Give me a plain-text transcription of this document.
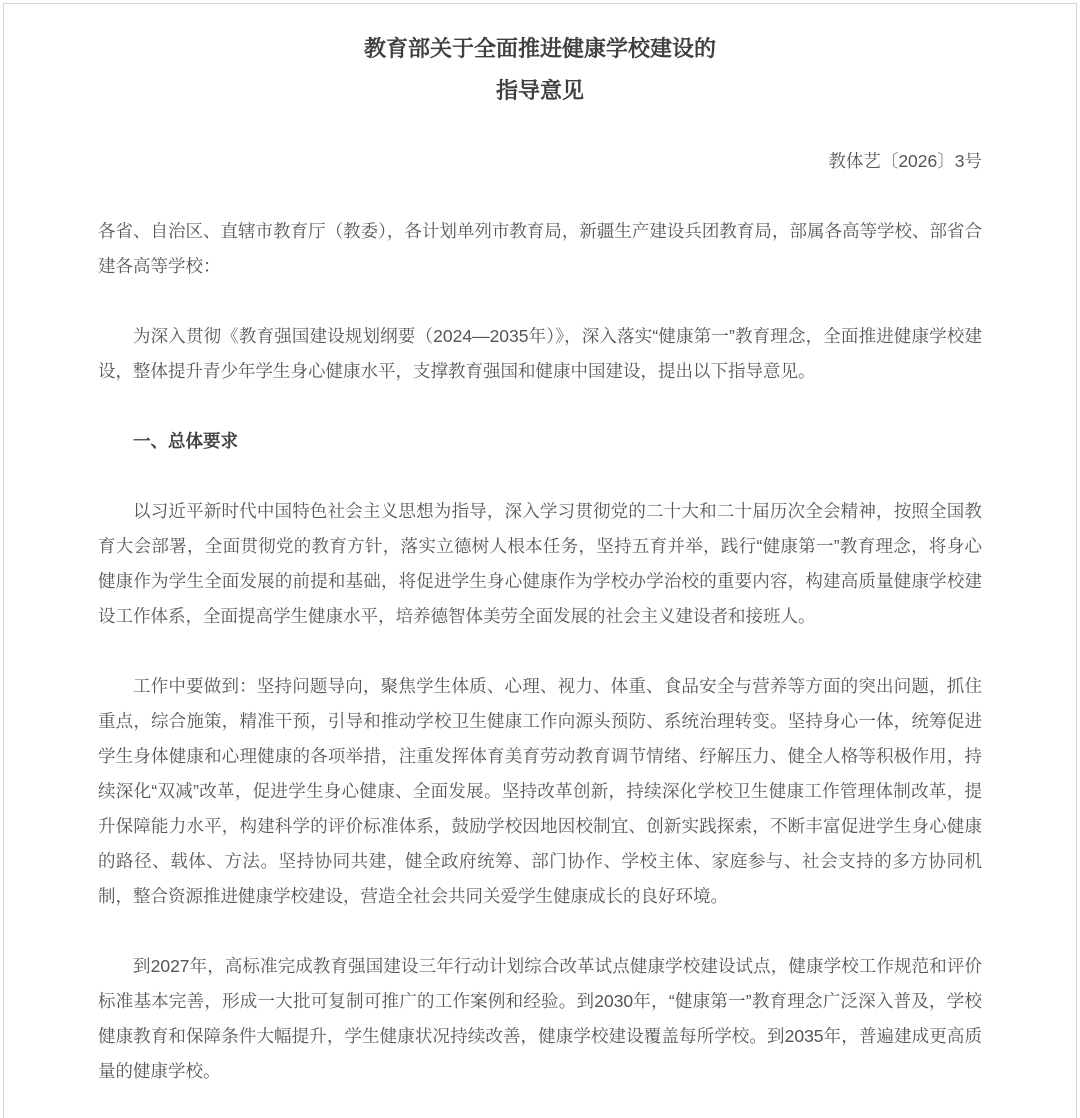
教育部关于全面推进健康学校建设的
指导意见

教体艺〔2026〕3号

各省、自治区、直辖市教育厅（教委），各计划单列市教育局，新疆生产建设兵团教育局，部属各高等学校、部省合建各高等学校：

为深入贯彻《教育强国建设规划纲要（2024—2035年）》，深入落实“健康第一”教育理念，全面推进健康学校建设，整体提升青少年学生身心健康水平，支撑教育强国和健康中国建设，提出以下指导意见。

一、总体要求

以习近平新时代中国特色社会主义思想为指导，深入学习贯彻党的二十大和二十届历次全会精神，按照全国教育大会部署，全面贯彻党的教育方针，落实立德树人根本任务，坚持五育并举，践行“健康第一”教育理念，将身心健康作为学生全面发展的前提和基础，将促进学生身心健康作为学校办学治校的重要内容，构建高质量健康学校建设工作体系，全面提高学生健康水平，培养德智体美劳全面发展的社会主义建设者和接班人。

工作中要做到：坚持问题导向，聚焦学生体质、心理、视力、体重、食品安全与营养等方面的突出问题，抓住重点，综合施策，精准干预，引导和推动学校卫生健康工作向源头预防、系统治理转变。坚持身心一体，统筹促进学生身体健康和心理健康的各项举措，注重发挥体育美育劳动教育调节情绪、纾解压力、健全人格等积极作用，持续深化“双减”改革，促进学生身心健康、全面发展。坚持改革创新，持续深化学校卫生健康工作管理体制改革，提升保障能力水平，构建科学的评价标准体系，鼓励学校因地因校制宜、创新实践探索，不断丰富促进学生身心健康的路径、载体、方法。坚持协同共建，健全政府统筹、部门协作、学校主体、家庭参与、社会支持的多方协同机制，整合资源推进健康学校建设，营造全社会共同关爱学生健康成长的良好环境。

到2027年，高标准完成教育强国建设三年行动计划综合改革试点健康学校建设试点，健康学校工作规范和评价标准基本完善，形成一大批可复制可推广的工作案例和经验。到2030年，“健康第一”教育理念广泛深入普及，学校健康教育和保障条件大幅提升，学生健康状况持续改善，健康学校建设覆盖每所学校。到2035年，普遍建成更高质量的健康学校。
